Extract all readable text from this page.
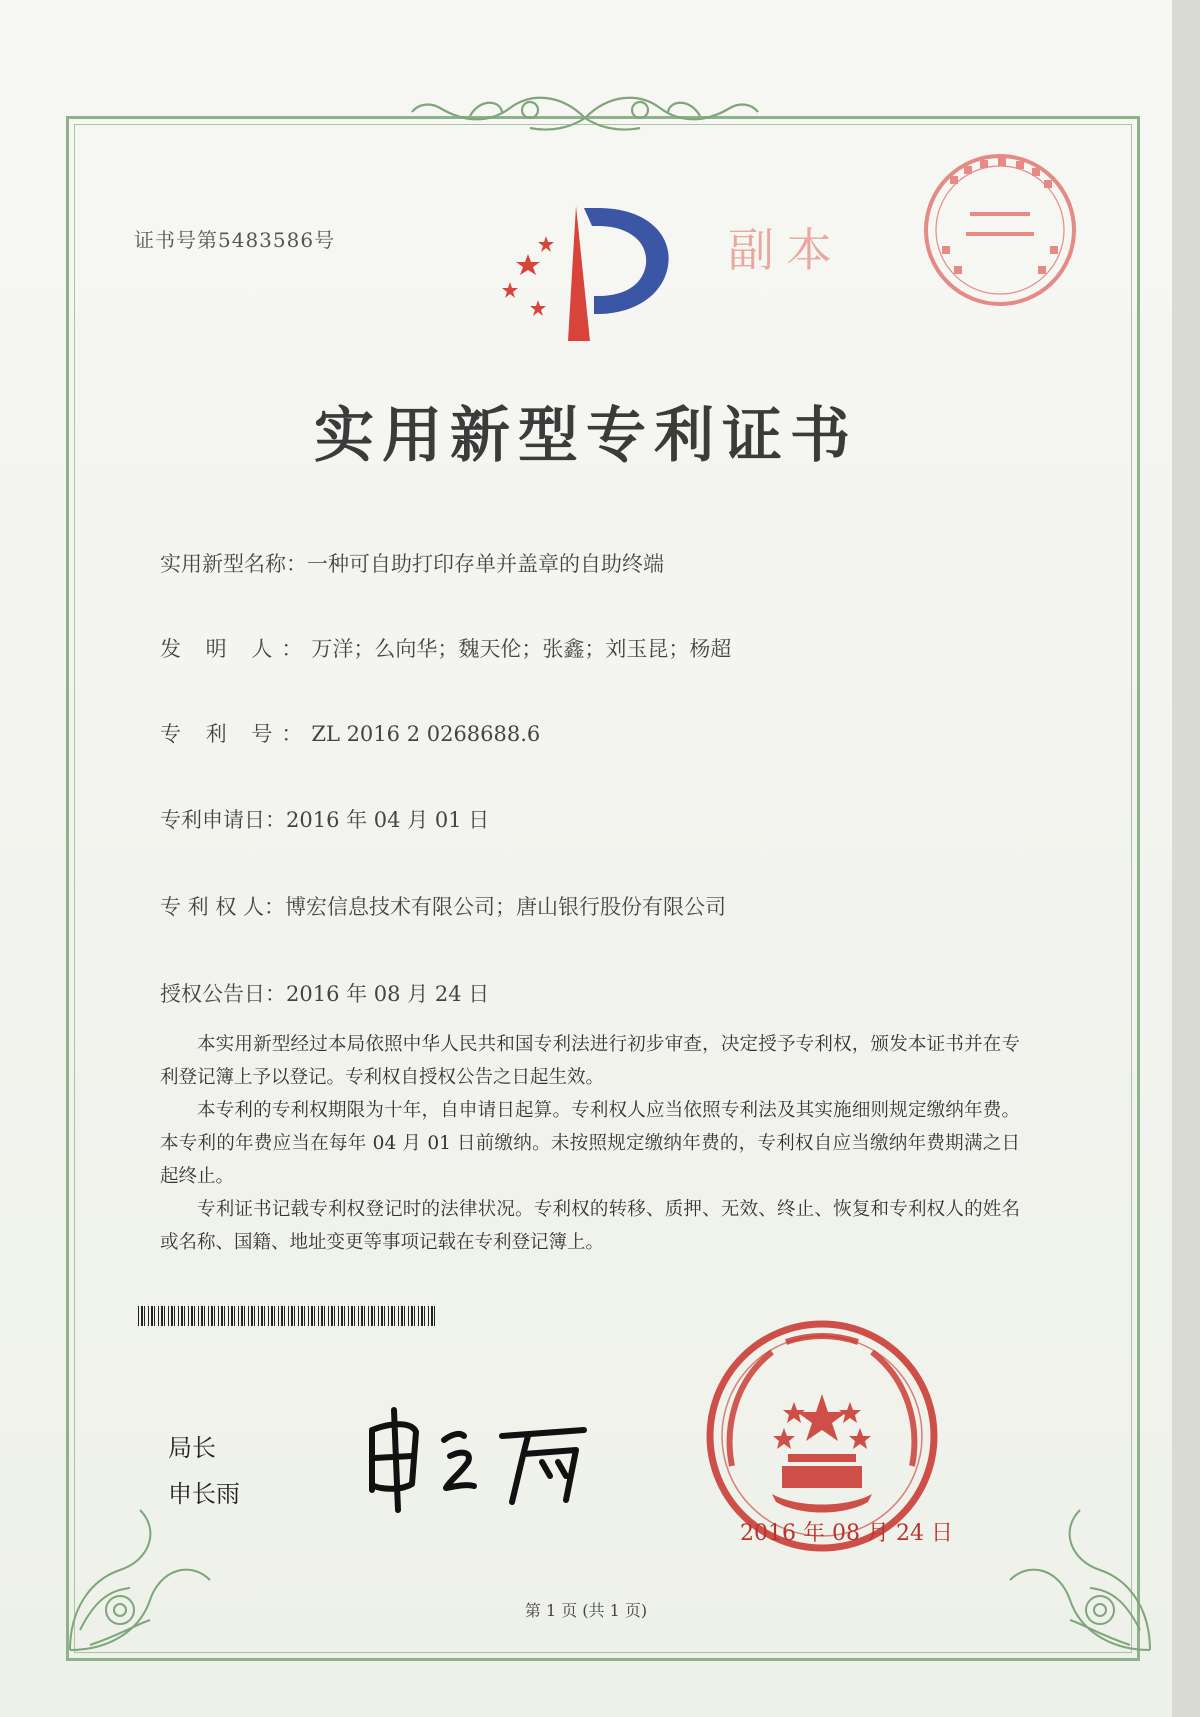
证书号第5483586号	副本
实用新型专利证书
实用新型名称：一种可自助打印存单并盖章的自助终端
发 明 人：万洋；么向华；魏天伦；张鑫；刘玉昆；杨超
专 利 号：ZL 2016 2 0268688.6
专利申请日：2016 年 04 月 01 日
专 利 权 人：博宏信息技术有限公司；唐山银行股份有限公司
授权公告日：2016 年 08 月 24 日

本实用新型经过本局依照中华人民共和国专利法进行初步审查，决定授予专利权，颁发本证书并在专利登记簿上予以登记。专利权自授权公告之日起生效。

本专利的专利权期限为十年，自申请日起算。专利权人应当依照专利法及其实施细则规定缴纳年费。本专利的年费应当在每年 04 月 01 日前缴纳。未按照规定缴纳年费的，专利权自应当缴纳年费期满之日起终止。

专利证书记载专利权登记时的法律状况。专利权的转移、质押、无效、终止、恢复和专利权人的姓名或名称、国籍、地址变更等事项记载在专利登记簿上。

局长
申长雨
2016 年 08 月 24 日
第 1 页 (共 1 页)
